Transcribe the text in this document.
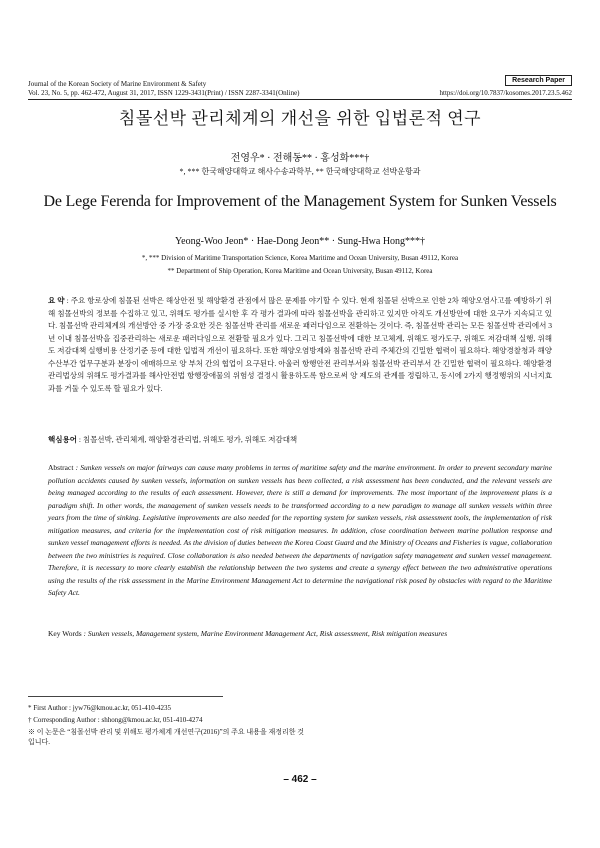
Journal of the Korean Society of Marine Environment & Safety
Vol. 23, No. 5, pp. 462-472, August 31, 2017, ISSN 1229-3431(Print) / ISSN 2287-3341(Online)
Research Paper
https://doi.org/10.7837/kosomes.2017.23.5.462
침몰선박 관리체계의 개선을 위한 입법론적 연구
전영우* · 전해동** · 홍성화***†
*, *** 한국해양대학교 해사수송과학부, ** 한국해양대학교 선박운항과
De Lege Ferenda for Improvement of the Management System for Sunken Vessels
Yeong-Woo Jeon* · Hae-Dong Jeon** · Sung-Hwa Hong***†
*, *** Division of Maritime Transportation Science, Korea Maritime and Ocean University, Busan 49112, Korea
** Department of Ship Operation, Korea Maritime and Ocean University, Busan 49112, Korea
요 약 : 주요 항로상에 침몰된 선박은 해상안전 및 해양환경 관점에서 많은 문제를 야기할 수 있다. 현재 침몰된 선박으로 인한 2차 해양오염사고를 예방하기 위해 침몰선박의 정보를 수집하고 있고, 위해도 평가를 실시한 후 각 평가 결과에 따라 침몰선박을 관리하고 있지만 아직도 개선방안에 대한 요구가 지속되고 있다. 침몰선박 관리체계의 개선방안 중 가장 중요한 것은 침몰선박 관리를 새로운 패러다임으로 전환하는 것이다. 즉, 침몰선박 관리는 모든 침몰선박 관리에서 3년 이내 침몰선박을 집중관리하는 새로운 패러다임으로 전환할 필요가 있다. 그리고 침몰선박에 대한 보고체계, 위해도 평가도구, 위해도 저감대책 실행, 위해도 저감대책 실행비용 산정기준 등에 대한 입법적 개선이 필요하다. 또한 해양오염방제와 침몰선박 관리 주체간의 긴밀한 협력이 필요하다. 해양경찰청과 해양수산부간 업무구분과 분장이 애매하므로 양 부처 간의 협업이 요구된다. 아울러 항행안전 관리부서와 침몰선박 관리부서 간 긴밀한 협력이 필요하다. 해양환경관리법상의 위해도 평가결과를 해사안전법 항행장애물의 위험성 결정시 활용하도록 함으로써 양 제도의 관계를 정립하고, 동시에 2가지 행정행위의 시너지효과를 거둘 수 있도록 할 필요가 있다.
핵심용어 : 침몰선박, 관리체계, 해양환경관리법, 위해도 평가, 위해도 저감대책
Abstract : Sunken vessels on major fairways can cause many problems in terms of maritime safety and the marine environment. In order to prevent secondary marine pollution accidents caused by sunken vessels, information on sunken vessels has been collected, a risk assessment has been conducted, and the relevant vessels are being managed according to the results of each assessment. However, there is still a demand for improvements. The most important of the improvement plans is a paradigm shift. In other words, the management of sunken vessels needs to be transformed according to a new paradigm to manage all sunken vessels within three years from the time of sinking. Legislative improvements are also needed for the reporting system for sunken vessels, risk assessment tools, the implementation of risk mitigation measures, and criteria for the implementation cost of risk mitigation measures. In addition, close coordination between marine pollution response and sunken vessel management efforts is needed. As the division of duties between the Korea Coast Guard and the Ministry of Oceans and Fisheries is vague, collaboration between the two ministries is required. Close collaboration is also needed between the departments of navigation safety management and sunken vessel management. Therefore, it is necessary to more clearly establish the relationship between the two systems and create a synergy effect between the two administrative operations using the results of the risk assessment in the Marine Environment Management Act to determine the navigational risk posed by obstacles with regard to the Maritime Safety Act.
Key Words : Sunken vessels, Management system, Marine Environment Management Act, Risk assessment, Risk mitigation measures
* First Author : jyw76@kmou.ac.kr, 051-410-4235
† Corresponding Author : shhong@kmou.ac.kr, 051-410-4274
※ 이 논문은 “침몰선박 관리 및 위해도 평가체계 개선연구(2016)”의 주요 내용을 재정리한 것입니다.
– 462 –
